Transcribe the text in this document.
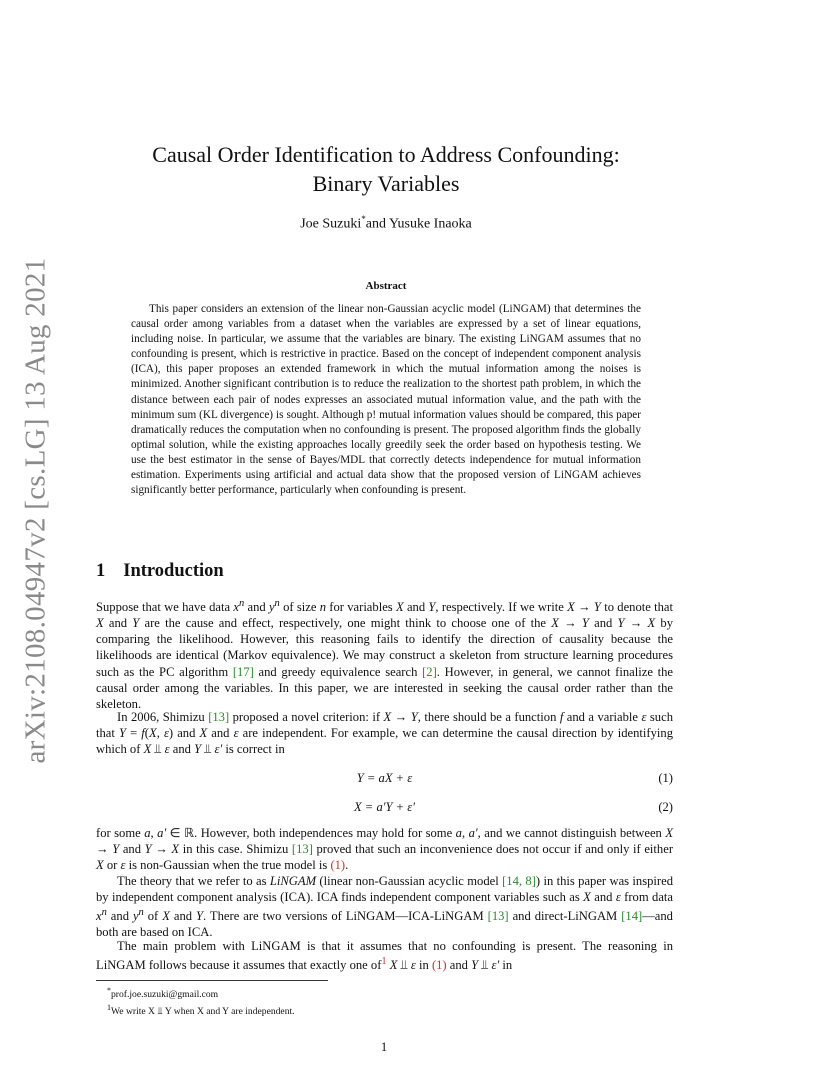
arXiv:2108.04947v2 [cs.LG] 13 Aug 2021
Causal Order Identification to Address Confounding:
Binary Variables
Joe Suzuki*and Yusuke Inaoka
Abstract

This paper considers an extension of the linear non-Gaussian acyclic model (LiNGAM) that determines the causal order among variables from a dataset when the variables are expressed by a set of linear equations, including noise. In particular, we assume that the variables are binary. The existing LiNGAM assumes that no confounding is present, which is restrictive in practice. Based on the concept of independent component analysis (ICA), this paper proposes an extended framework in which the mutual information among the noises is minimized. Another significant contribution is to reduce the realization to the shortest path problem, in which the distance between each pair of nodes expresses an associated mutual information value, and the path with the minimum sum (KL divergence) is sought. Although p! mutual information values should be compared, this paper dramatically reduces the computation when no confounding is present. The proposed algorithm finds the globally optimal solution, while the existing approaches locally greedily seek the order based on hypothesis testing. We use the best estimator in the sense of Bayes/MDL that correctly detects independence for mutual information estimation. Experiments using artificial and actual data show that the proposed version of LiNGAM achieves significantly better performance, particularly when confounding is present.

1 Introduction

Suppose that we have data $x^n$ and $y^n$ of size n for variables X and Y, respectively. If we write X → Y to denote that X and Y are the cause and effect, respectively, one might think to choose one of the X → Y and Y → X by comparing the likelihood. However, this reasoning fails to identify the direction of causality because the likelihoods are identical (Markov equivalence). We may construct a skeleton from structure learning procedures such as the PC algorithm [17] and greedy equivalence search [2]. However, in general, we cannot finalize the causal order among the variables. In this paper, we are interested in seeking the causal order rather than the skeleton.

In 2006, Shimizu [13] proposed a novel criterion: if X → Y, there should be a function f and a variable ε such that Y = f(X, ε) and X and ε are independent. For example, we can determine the causal direction by identifying which of X ⫫ ε and Y ⫫ ε′ is correct in

Y = aX + ε	(1)
X = a′Y + ε′	(2)

for some a, a′ ∈ ℝ. However, both independences may hold for some a, a′, and we cannot distinguish between X → Y and Y → X in this case. Shimizu [13] proved that such an inconvenience does not occur if and only if either X or ε is non-Gaussian when the true model is (1).

The theory that we refer to as LiNGAM (linear non-Gaussian acyclic model [14, 8]) in this paper was inspired by independent component analysis (ICA). ICA finds independent component variables such as X and ε from data $x^n$ and $y^n$ of X and Y. There are two versions of LiNGAM—ICA-LiNGAM [13] and direct-LiNGAM [14]—and both are based on ICA.

The main problem with LiNGAM is that it assumes that no confounding is present. The reasoning in LiNGAM follows because it assumes that exactly one of$^1$ X ⫫ ε in (1) and Y ⫫ ε′ in

*prof.joe.suzuki@gmail.com
$^1$We write X ⫫ Y when X and Y are independent.
1
